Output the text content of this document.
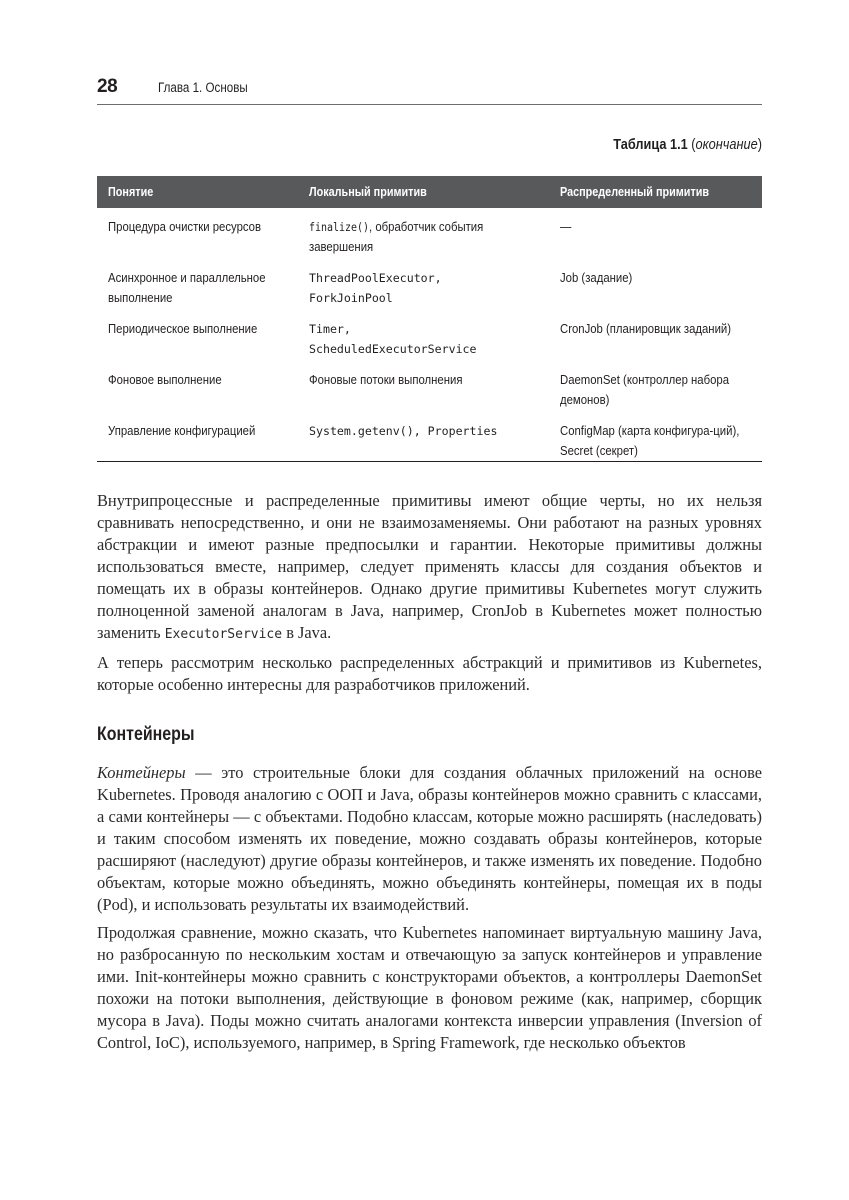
28	Глава 1. Основы
Таблица 1.1 (окончание)
Понятие	Локальный примитив	Распределенный примитив
Процедура очистки ресурсов	finalize(), обработчик события завершения	—
Асинхронное и параллельное выполнение	ThreadPoolExecutor, ForkJoinPool	Job (задание)
Периодическое выполнение	Timer, ScheduledExecutorService	CronJob (планировщик заданий)
Фоновое выполнение	Фоновые потоки выполнения	DaemonSet (контроллер набора демонов)
Управление конфигурацией	System.getenv(), Properties	ConfigMap (карта конфигура-ций), Secret (секрет)

Внутрипроцессные и распределенные примитивы имеют общие черты, но их нельзя сравнивать непосредственно, и они не взаимозаменяемы. Они работают на разных уровнях абстракции и имеют разные предпосылки и гарантии. Некоторые примитивы должны использоваться вместе, например, следует применять классы для создания объектов и помещать их в образы контейнеров. Однако другие примитивы Kubernetes могут служить полноценной заменой аналогам в Java, например, CronJob в Kubernetes может полностью заменить ExecutorService в Java.

А теперь рассмотрим несколько распределенных абстракций и примитивов из Kubernetes, которые особенно интересны для разработчиков приложений.

Контейнеры

Контейнеры — это строительные блоки для создания облачных приложений на основе Kubernetes. Проводя аналогию с ООП и Java, образы контейнеров можно сравнить с классами, а сами контейнеры — с объектами. Подобно классам, которые можно расширять (наследовать) и таким способом изменять их поведение, можно создавать образы контейнеров, которые расширяют (наследуют) другие образы контейнеров, и также изменять их поведение. Подобно объектам, которые можно объединять, можно объединять контейнеры, помещая их в поды (Pod), и использовать результаты их взаимодействий.

Продолжая сравнение, можно сказать, что Kubernetes напоминает виртуальную машину Java, но разбросанную по нескольким хостам и отвечающую за запуск контейнеров и управление ими. Init-контейнеры можно сравнить с конструкторами объектов, а контроллеры DaemonSet похожи на потоки выполнения, действующие в фоновом режиме (как, например, сборщик мусора в Java). Поды можно считать аналогами контекста инверсии управления (Inversion of Control, IoC), используемого, например, в Spring Framework, где несколько объектов
